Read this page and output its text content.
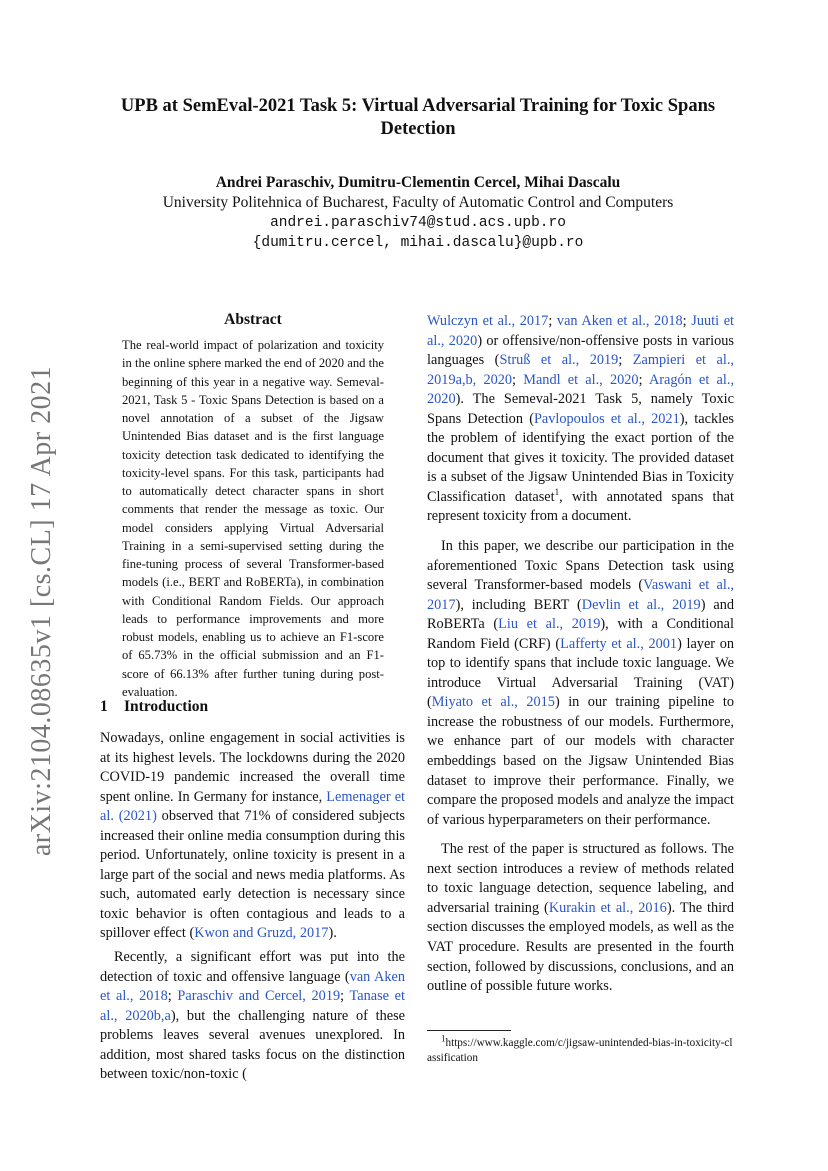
arXiv:2104.08635v1 [cs.CL] 17 Apr 2021
UPB at SemEval-2021 Task 5: Virtual Adversarial Training for Toxic Spans Detection
Andrei Paraschiv, Dumitru-Clementin Cercel, Mihai Dascalu
University Politehnica of Bucharest, Faculty of Automatic Control and Computers
andrei.paraschiv74@stud.acs.upb.ro
{dumitru.cercel, mihai.dascalu}@upb.ro
Abstract

The real-world impact of polarization and toxicity in the online sphere marked the end of 2020 and the beginning of this year in a negative way. Semeval-2021, Task 5 - Toxic Spans Detection is based on a novel annotation of a subset of the Jigsaw Unintended Bias dataset and is the first language toxicity detection task dedicated to identifying the toxicity-level spans. For this task, participants had to automatically detect character spans in short comments that render the message as toxic. Our model considers applying Virtual Adversarial Training in a semi-supervised setting during the fine-tuning process of several Transformer-based models (i.e., BERT and RoBERTa), in combination with Conditional Random Fields. Our approach leads to performance improvements and more robust models, enabling us to achieve an F1-score of 65.73% in the official submission and an F1-score of 66.13% after further tuning during post-evaluation.

1 Introduction

Nowadays, online engagement in social activities is at its highest levels. The lockdowns during the 2020 COVID-19 pandemic increased the overall time spent online. In Germany for instance, Lemenager et al. (2021) observed that 71% of considered subjects increased their online media consumption during this period. Unfortunately, online toxicity is present in a large part of the social and news media platforms. As such, automated early detection is necessary since toxic behavior is often contagious and leads to a spillover effect (Kwon and Gruzd, 2017).

Recently, a significant effort was put into the detection of toxic and offensive language (van Aken et al., 2018; Paraschiv and Cercel, 2019; Tanase et al., 2020b,a), but the challenging nature of these problems leaves several avenues unexplored. In addition, most shared tasks focus on the distinction between toxic/non-toxic (

Wulczyn et al., 2017; van Aken et al., 2018; Juuti et al., 2020) or offensive/non-offensive posts in various languages (Struß et al., 2019; Zampieri et al., 2019a,b, 2020; Mandl et al., 2020; Aragón et al., 2020). The Semeval-2021 Task 5, namely Toxic Spans Detection (Pavlopoulos et al., 2021), tackles the problem of identifying the exact portion of the document that gives it toxicity. The provided dataset is a subset of the Jigsaw Unintended Bias in Toxicity Classification dataset$^1$, with annotated spans that represent toxicity from a document.

In this paper, we describe our participation in the aforementioned Toxic Spans Detection task using several Transformer-based models (Vaswani et al., 2017), including BERT (Devlin et al., 2019) and RoBERTa (Liu et al., 2019), with a Conditional Random Field (CRF) (Lafferty et al., 2001) layer on top to identify spans that include toxic language. We introduce Virtual Adversarial Training (VAT) (Miyato et al., 2015) in our training pipeline to increase the robustness of our models. Furthermore, we enhance part of our models with character embeddings based on the Jigsaw Unintended Bias dataset to improve their performance. Finally, we compare the proposed models and analyze the impact of various hyperparameters on their performance.

The rest of the paper is structured as follows. The next section introduces a review of methods related to toxic language detection, sequence labeling, and adversarial training (Kurakin et al., 2016). The third section discusses the employed models, as well as the VAT procedure. Results are presented in the fourth section, followed by discussions, conclusions, and an outline of possible future works.

$^1$https://www.kaggle.com/c/jigsaw-unintended-bias-in-toxicity-classification
